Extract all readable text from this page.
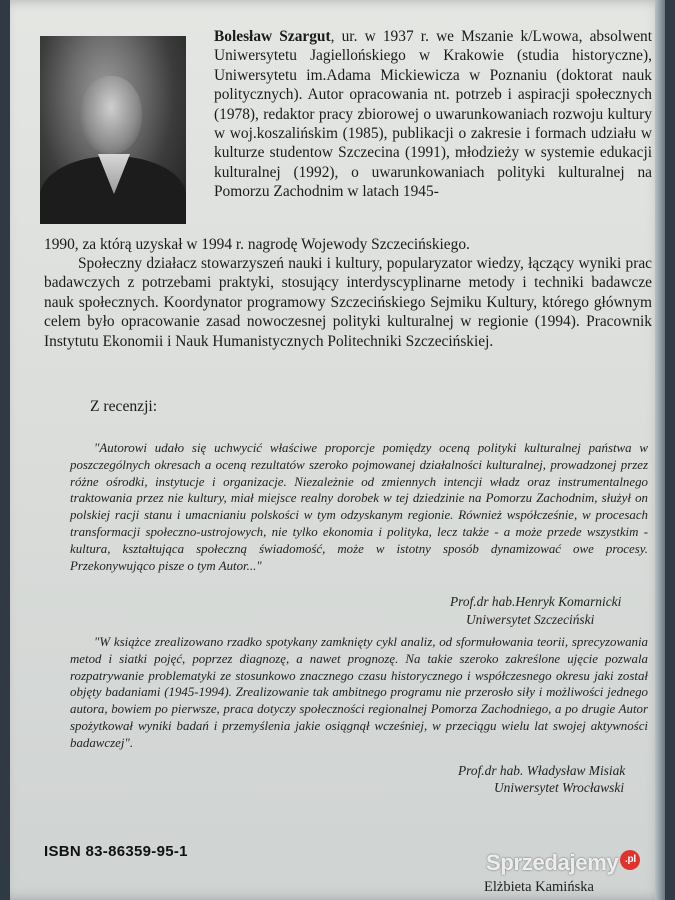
Bolesław Szargut, ur. w 1937 r. we Mszanie k/Lwowa, absolwent Uniwersytetu Jagiellońskiego w Krakowie (studia historyczne), Uniwersytetu im.Adama Mickiewicza w Poznaniu (doktorat nauk politycznych). Autor opracowania nt. potrzeb i aspiracji społecznych (1978), redaktor pracy zbiorowej o uwarunkowaniach rozwoju kultury w woj.koszalińskim (1985), publikacji o zakresie i formach udziału w kulturze studentow Szczecina (1991), młodzieży w systemie edukacji kulturalnej (1992), o uwarunkowaniach polityki kulturalnej na Pomorzu Zachodnim w latach 1945-

1990, za którą uzyskał w 1994 r. nagrodę Wojewody Szczecińskiego.

Społeczny działacz stowarzyszeń nauki i kultury, popularyzator wiedzy, łączący wyniki prac badawczych z potrzebami praktyki, stosujący interdyscyplinarne metody i techniki badawcze nauk społecznych. Koordynator programowy Szczecińskiego Sejmiku Kultury, którego głównym celem było opracowanie zasad nowoczesnej polityki kulturalnej w regionie (1994). Pracownik Instytutu Ekonomii i Nauk Humanistycznych Politechniki Szczecińskiej.

Z recenzji:

"Autorowi udało się uchwycić właściwe proporcje pomiędzy oceną polityki kulturalnej państwa w poszczególnych okresach a oceną rezultatów szeroko pojmowanej działalności kulturalnej, prowadzonej przez różne ośrodki, instytucje i organizacje. Niezależnie od zmiennych intencji władz oraz instrumentalnego traktowania przez nie kultury, miał miejsce realny dorobek w tej dziedzinie na Pomorzu Zachodnim, służył on polskiej racji stanu i umacnianiu polskości w tym odzyskanym regionie. Również współcześnie, w procesach transformacji społeczno-ustrojowych, nie tylko ekonomia i polityka, lecz także - a może przede wszystkim - kultura, kształtująca społeczną świadomość, może w istotny sposób dynamizować owe procesy. Przekonywująco pisze o tym Autor..."

Prof.dr hab.Henryk Komarnicki

Uniwersytet Szczeciński

"W książce zrealizowano rzadko spotykany zamknięty cykl analiz, od sformułowania teorii, sprecyzowania metod i siatki pojęć, poprzez diagnozę, a nawet prognozę. Na takie szeroko zakreślone ujęcie pozwala rozpatrywanie problematyki ze stosunkowo znacznego czasu historycznego i współczesnego okresu jaki został objęty badaniami (1945-1994). Zrealizowanie tak ambitnego programu nie przerosło siły i możliwości jednego autora, bowiem po pierwsze, praca dotyczy społeczności regionalnej Pomorza Zachodniego, a po drugie Autor spożytkował wyniki badań i przemyślenia jakie osiągnął wcześniej, w przeciągu wielu lat swojej aktywności badawczej".

Prof.dr hab. Władysław Misiak

Uniwersytet Wrocławski

ISBN 83-86359-95-1

Elżbieta Kamińska

Sprzedajemy .pl
